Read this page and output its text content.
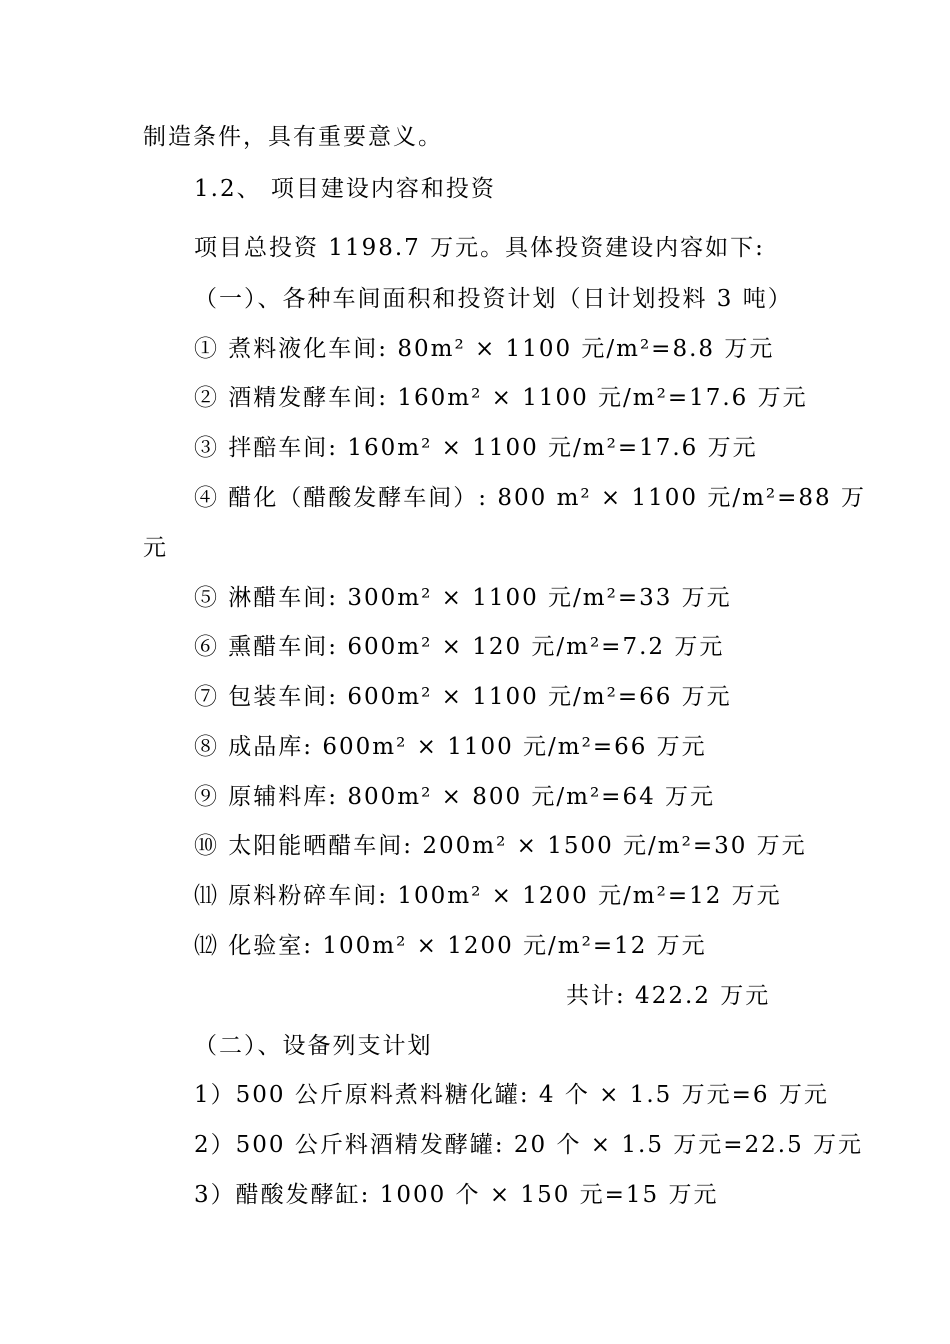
制造条件，具有重要意义。
1.2、 项目建设内容和投资
项目总投资 1198.7 万元。具体投资建设内容如下:
（一）、各种车间面积和投资计划（日计划投料 3 吨）
① 煮料液化车间: 80m² × 1100 元/m²=8.8 万元
② 酒精发酵车间: 160m² × 1100 元/m²=17.6 万元
③ 拌醅车间: 160m² × 1100 元/m²=17.6 万元
④ 醋化（醋酸发酵车间）: 800 m² × 1100 元/m²=88 万
元
⑤ 淋醋车间: 300m² × 1100 元/m²=33 万元
⑥ 熏醋车间: 600m² × 120 元/m²=7.2 万元
⑦ 包装车间: 600m² × 1100 元/m²=66 万元
⑧ 成品库: 600m² × 1100 元/m²=66 万元
⑨ 原辅料库: 800m² × 800 元/m²=64 万元
⑩ 太阳能晒醋车间: 200m² × 1500 元/m²=30 万元
⑾ 原料粉碎车间: 100m² × 1200 元/m²=12 万元
⑿ 化验室: 100m² × 1200 元/m²=12 万元
共计: 422.2 万元
（二）、设备列支计划
1）500 公斤原料煮料糖化罐: 4 个 × 1.5 万元=6 万元
2）500 公斤料酒精发酵罐: 20 个 × 1.5 万元=22.5 万元
3）醋酸发酵缸: 1000 个 × 150 元=15 万元
